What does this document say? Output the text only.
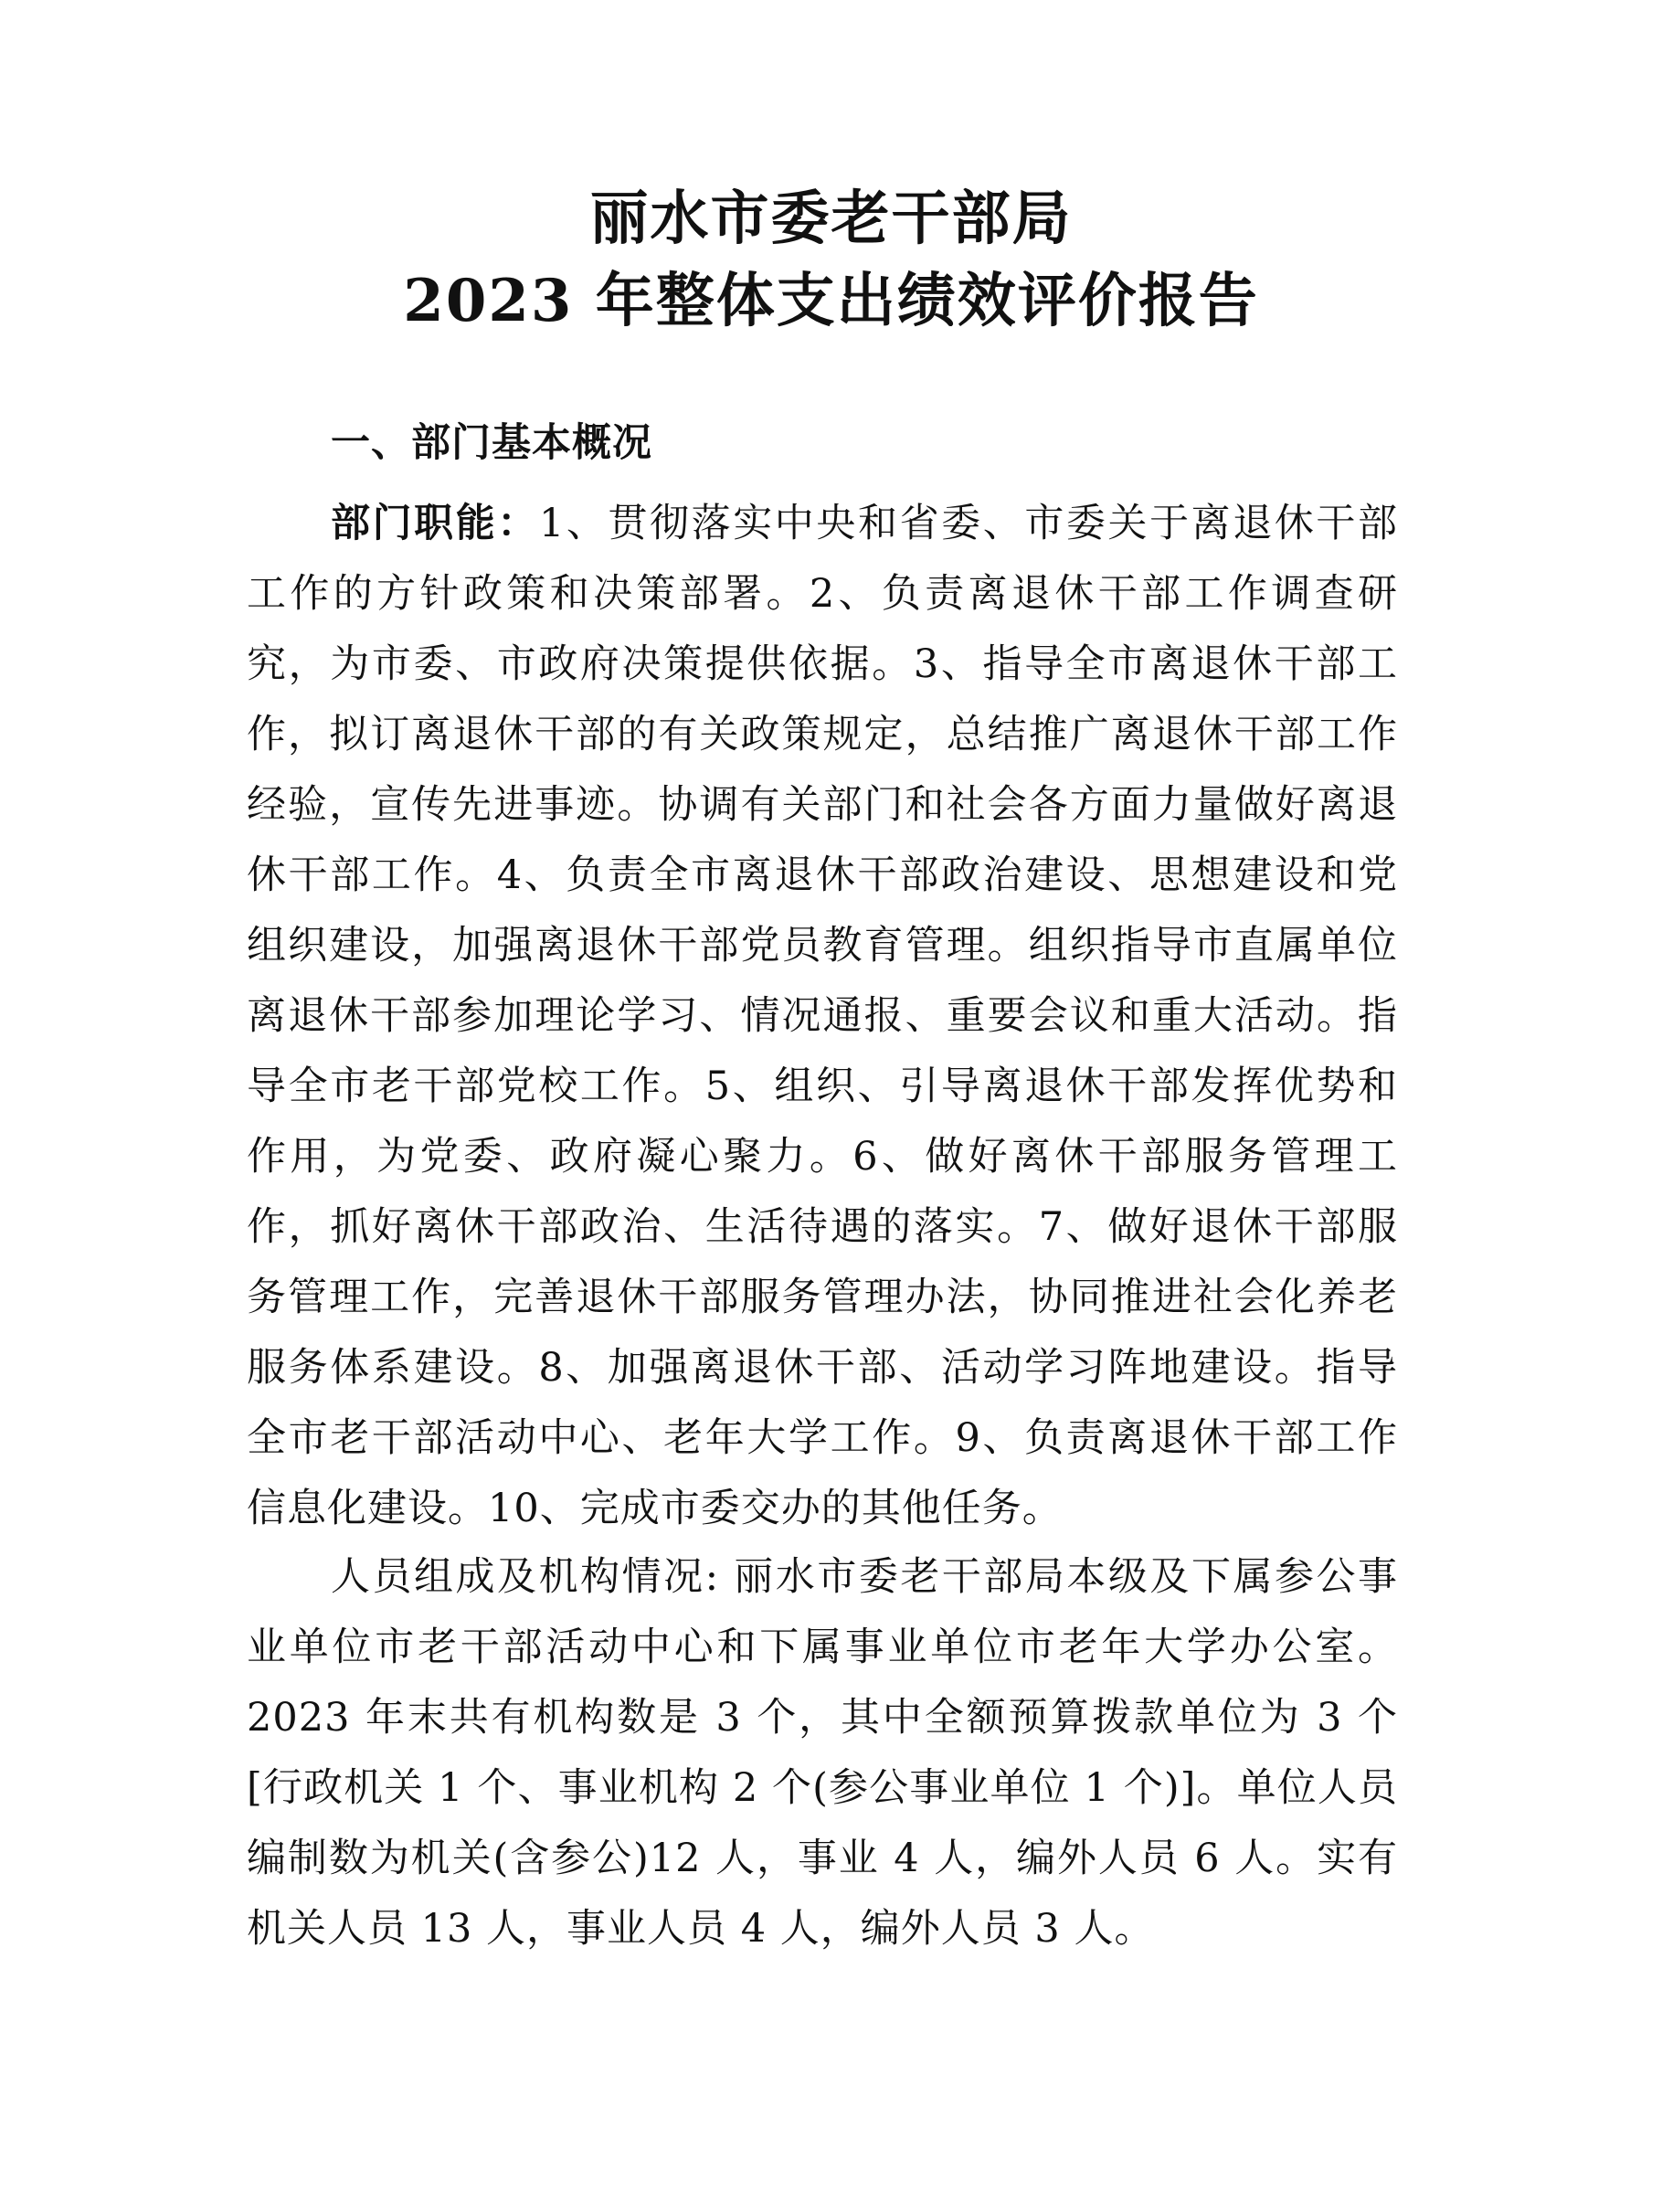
丽水市委老干部局
2023 年整体支出绩效评价报告
一、部门基本概况

部门职能：1、贯彻落实中央和省委、市委关于离退休干部工作的方针政策和决策部署。2、负责离退休干部工作调查研究，为市委、市政府决策提供依据。3、指导全市离退休干部工作，拟订离退休干部的有关政策规定，总结推广离退休干部工作经验，宣传先进事迹。协调有关部门和社会各方面力量做好离退休干部工作。4、负责全市离退休干部政治建设、思想建设和党组织建设，加强离退休干部党员教育管理。组织指导市直属单位离退休干部参加理论学习、情况通报、重要会议和重大活动。指导全市老干部党校工作。5、组织、引导离退休干部发挥优势和作用，为党委、政府凝心聚力。6、做好离休干部服务管理工作，抓好离休干部政治、生活待遇的落实。7、做好退休干部服务管理工作，完善退休干部服务管理办法，协同推进社会化养老服务体系建设。8、加强离退休干部、活动学习阵地建设。指导全市老干部活动中心、老年大学工作。9、负责离退休干部工作信息化建设。10、完成市委交办的其他任务。

人员组成及机构情况: 丽水市委老干部局本级及下属参公事业单位市老干部活动中心和下属事业单位市老年大学办公室。2023 年末共有机构数是 3 个，其中全额预算拨款单位为 3 个[行政机关 1 个、事业机构 2 个(参公事业单位 1 个)]。单位人员编制数为机关(含参公)12 人，事业 4 人，编外人员 6 人。实有机关人员 13 人，事业人员 4 人，编外人员 3 人。
